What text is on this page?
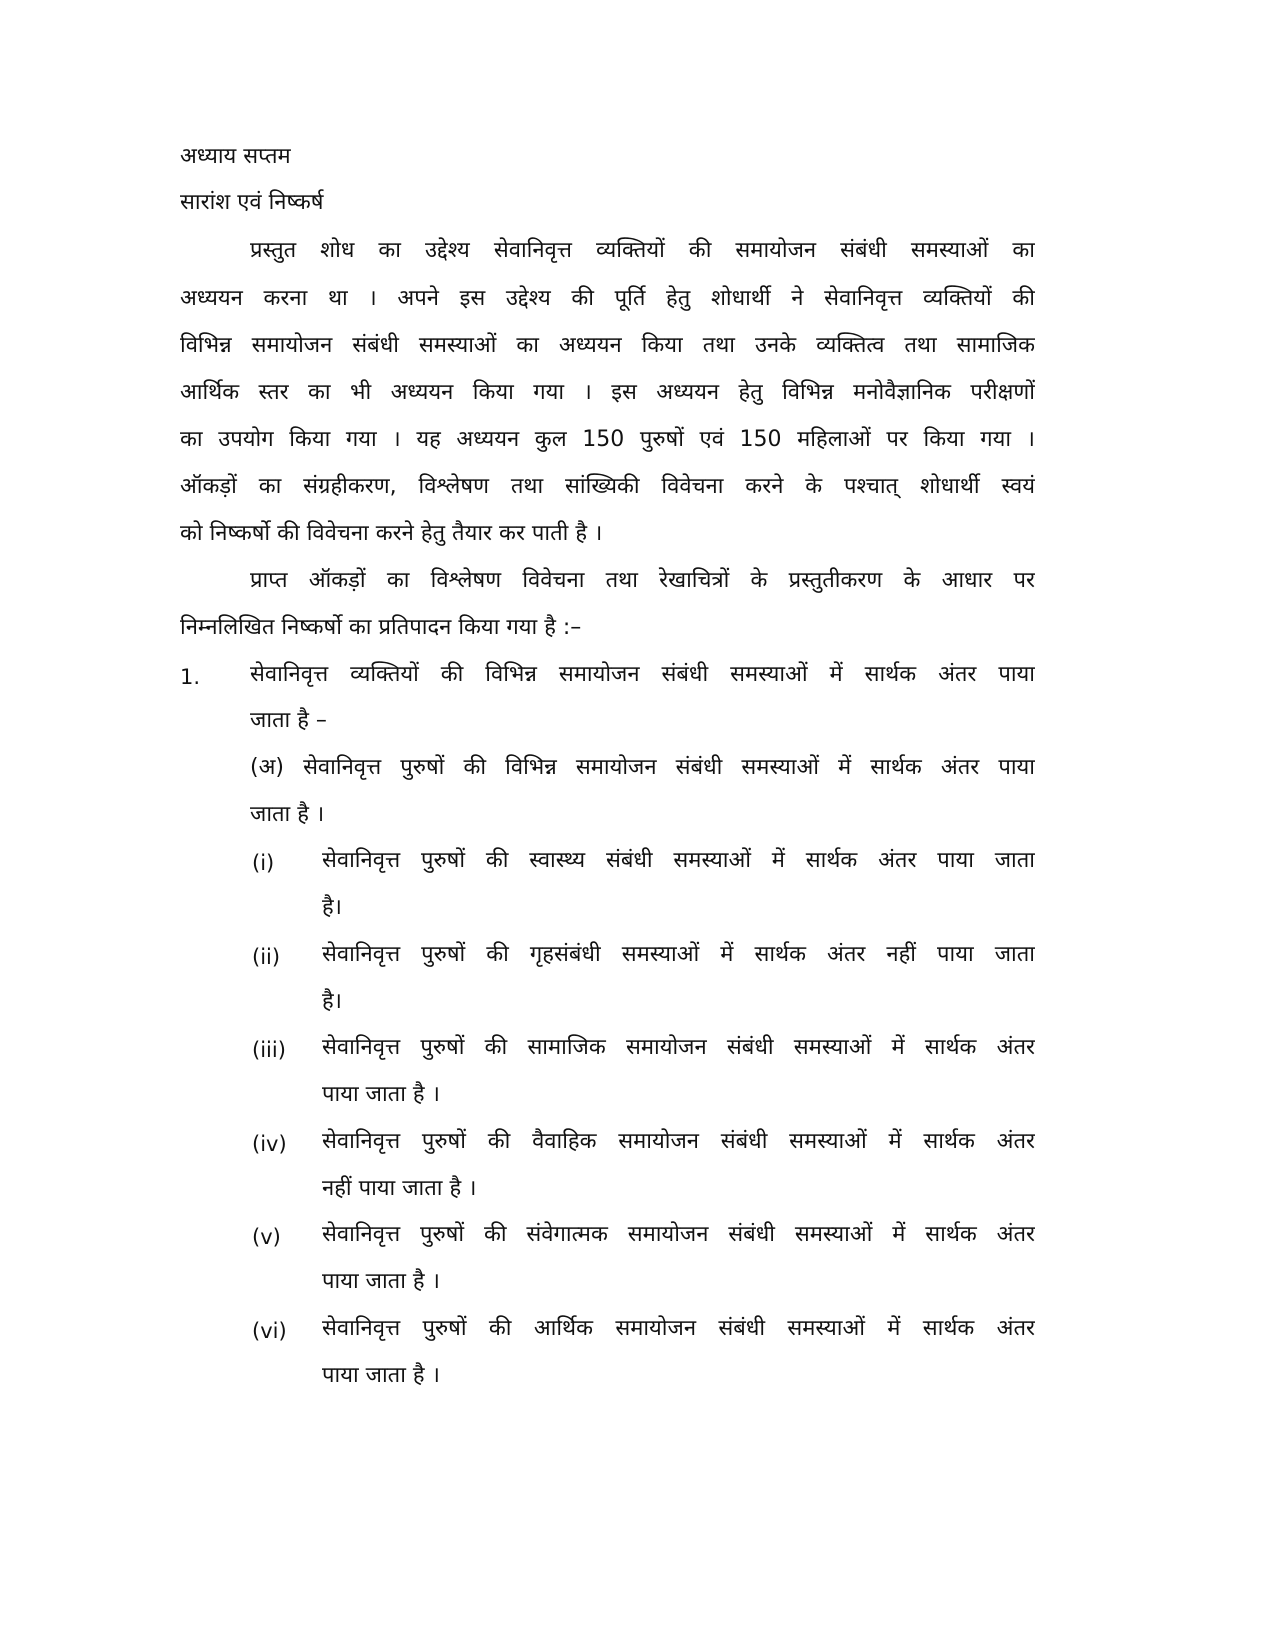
अध्याय सप्तम
सारांश एवं निष्कर्ष
प्रस्तुत शोध का उद्देश्य सेवानिवृत्त व्यक्तियों की समायोजन संबंधी समस्याओं का
अध्ययन करना था । अपने इस उद्देश्य की पूर्ति हेतु शोधार्थी ने सेवानिवृत्त व्यक्तियों की
विभिन्न समायोजन संबंधी समस्याओं का अध्ययन किया तथा उनके व्यक्तित्व तथा सामाजिक
आर्थिक स्तर का भी अध्ययन किया गया । इस अध्ययन हेतु विभिन्न मनोवैज्ञानिक परीक्षणों
का उपयोग किया गया । यह अध्ययन कुल 150 पुरुषों एवं 150 महिलाओं पर किया गया ।
ऑकड़ों का संग्रहीकरण, विश्लेषण तथा सांख्यिकी विवेचना करने के पश्चात् शोधार्थी स्वयं
को निष्कर्षो की विवेचना करने हेतु तैयार कर पाती है ।
प्राप्त ऑकड़ों का विश्लेषण विवेचना तथा रेखाचित्रों के प्रस्तुतीकरण के आधार पर
निम्नलिखित निष्कर्षो का प्रतिपादन किया गया है :–
1. सेवानिवृत्त व्यक्तियों की विभिन्न समायोजन संबंधी समस्याओं में सार्थक अंतर पाया
जाता है –
(अ) सेवानिवृत्त पुरुषों की विभिन्न समायोजन संबंधी समस्याओं में सार्थक अंतर पाया
जाता है ।
(i) सेवानिवृत्त पुरुषों की स्वास्थ्य संबंधी समस्याओं में सार्थक अंतर पाया जाता
है।
(ii) सेवानिवृत्त पुरुषों की गृहसंबंधी समस्याओं में सार्थक अंतर नहीं पाया जाता
है।
(iii) सेवानिवृत्त पुरुषों की सामाजिक समायोजन संबंधी समस्याओं में सार्थक अंतर
पाया जाता है ।
(iv) सेवानिवृत्त पुरुषों की वैवाहिक समायोजन संबंधी समस्याओं में सार्थक अंतर
नहीं पाया जाता है ।
(v) सेवानिवृत्त पुरुषों की संवेगात्मक समायोजन संबंधी समस्याओं में सार्थक अंतर
पाया जाता है ।
(vi) सेवानिवृत्त पुरुषों की आर्थिक समायोजन संबंधी समस्याओं में सार्थक अंतर
पाया जाता है ।
